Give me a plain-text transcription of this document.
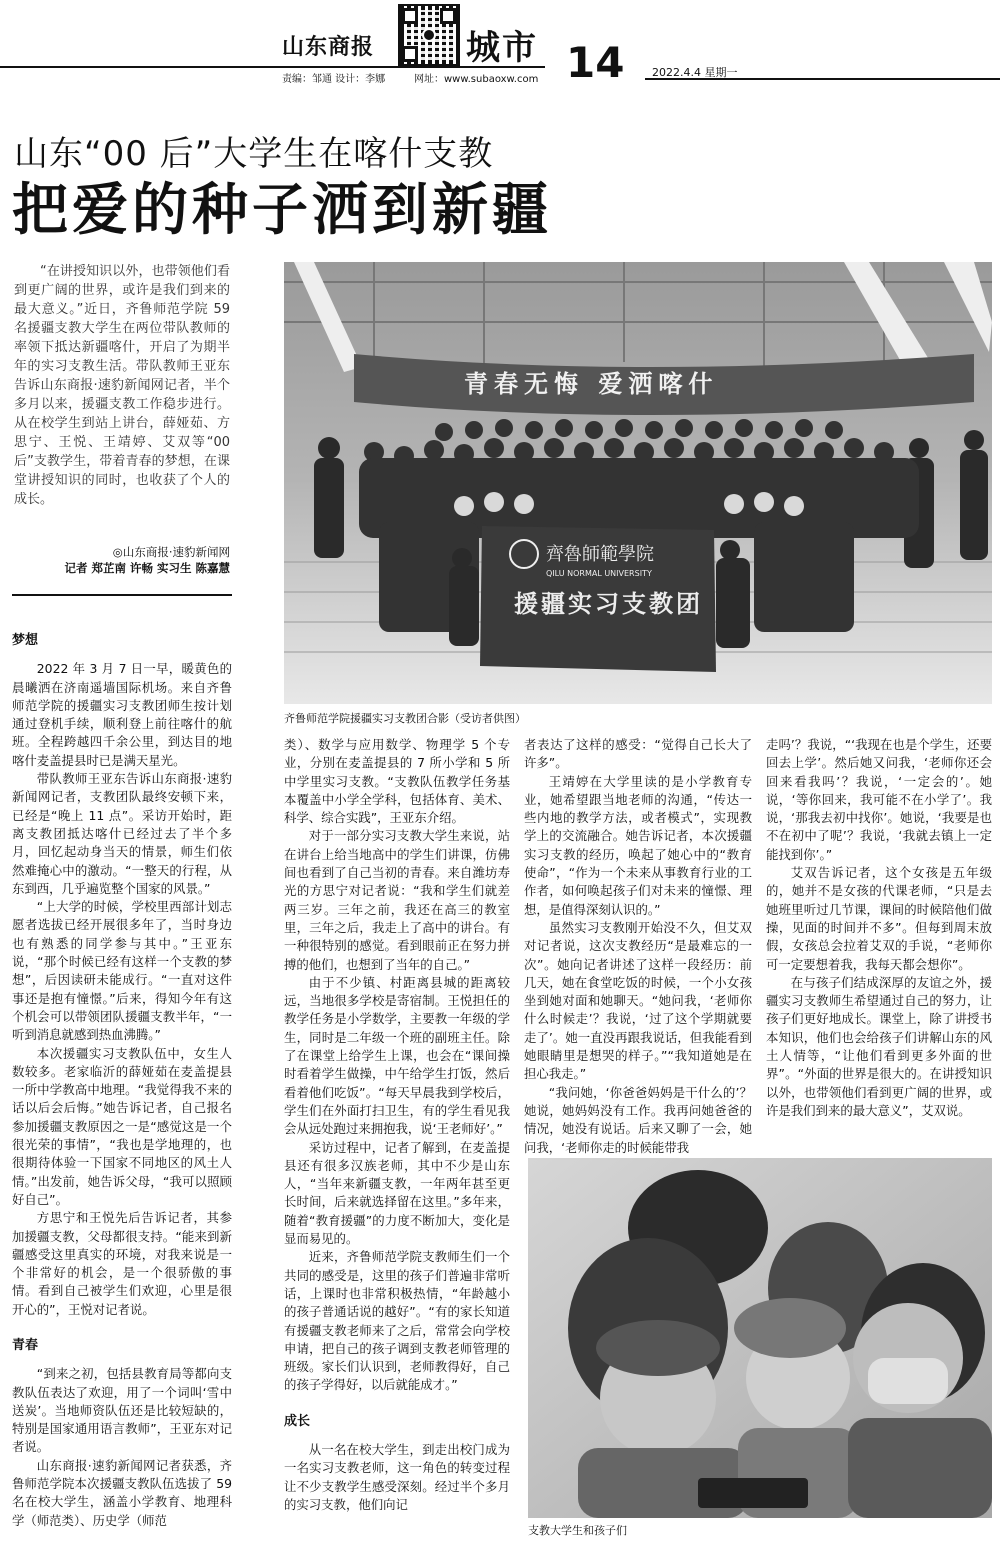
山东商报	城市 14	2022.4.4 星期一
责编：邹通 设计：李娜	网址：www.subaoxw.com
山东“00 后”大学生在喀什支教
把爱的种子洒到新疆

“在讲授知识以外，也带领他们看到更广阔的世界，或许是我们到来的最大意义。”近日，齐鲁师范学院 59 名援疆支教大学生在两位带队教师的率领下抵达新疆喀什，开启了为期半年的实习支教生活。带队教师王亚东告诉山东商报·速豹新闻网记者，半个多月以来，援疆支教工作稳步进行。从在校学生到站上讲台，薛娅茹、方思宁、王悦、王靖婷、艾双等“00 后”支教学生，带着青春的梦想，在课堂讲授知识的同时，也收获了个人的成长。

◎山东商报·速豹新闻网
记者 郑芷南 许畅 实习生 陈嘉慧
青春无悔 爱洒喀什
齊魯師範學院
QILU NORMAL UNIVERSITY
援疆实习支教团
齐鲁师范学院援疆实习支教团合影（受访者供图）

梦想

2022 年 3 月 7 日一早，暖黄色的晨曦洒在济南遥墙国际机场。来自齐鲁师范学院的援疆实习支教团师生按计划通过登机手续，顺利登上前往喀什的航班。全程跨越四千余公里，到达目的地喀什麦盖提县时已是满天星光。

带队教师王亚东告诉山东商报·速豹新闻网记者，支教团队最终安顿下来，已经是“晚上 11 点”。采访开始时，距离支教团抵达喀什已经过去了半个多月，回忆起动身当天的情景，师生们依然难掩心中的激动。“一整天的行程，从东到西，几乎遍览整个国家的风景。”

“上大学的时候，学校里西部计划志愿者选拔已经开展很多年了，当时身边也有熟悉的同学参与其中。”王亚东说，“那个时候已经有这样一个支教的梦想”，后因读研未能成行。“一直对这件事还是抱有憧憬。”后来，得知今年有这个机会可以带领团队援疆支教半年，“一听到消息就感到热血沸腾。”

本次援疆实习支教队伍中，女生人数较多。老家临沂的薛娅茹在麦盖提县一所中学教高中地理。“我觉得我不来的话以后会后悔。”她告诉记者，自己报名参加援疆支教原因之一是“感觉这是一个很光荣的事情”，“我也是学地理的，也很期待体验一下国家不同地区的风土人情。”出发前，她告诉父母，“我可以照顾好自己”。

方思宁和王悦先后告诉记者，其参加援疆支教，父母都很支持。“能来到新疆感受这里真实的环境，对我来说是一个非常好的机会，是一个很骄傲的事情。看到自己被学生们欢迎，心里是很开心的”，王悦对记者说。

青春

“到来之初，包括县教育局等都向支教队伍表达了欢迎，用了一个词叫‘雪中送炭’。当地师资队伍还是比较短缺的，特别是国家通用语言教师”，王亚东对记者说。

山东商报·速豹新闻网记者获悉，齐鲁师范学院本次援疆支教队伍选拔了 59 名在校大学生，涵盖小学教育、地理科学（师范类）、历史学（师范

类）、数学与应用数学、物理学 5 个专业，分别在麦盖提县的 7 所小学和 5 所中学里实习支教。“支教队伍教学任务基本覆盖中小学全学科，包括体育、美术、科学、综合实践”，王亚东介绍。

对于一部分实习支教大学生来说，站在讲台上给当地高中的学生们讲课，仿佛间也看到了自己当初的青春。来自潍坊寿光的方思宁对记者说：“我和学生们就差两三岁。三年之前，我还在高三的教室里，三年之后，我走上了高中的讲台。有一种很特别的感觉。看到眼前正在努力拼搏的他们，也想到了当年的自己。”

由于不少镇、村距离县城的距离较远，当地很多学校是寄宿制。王悦担任的教学任务是小学数学，主要教一年级的学生，同时是二年级一个班的副班主任。除了在课堂上给学生上课，也会在“课间操时看着学生做操，中午给学生打饭，然后看着他们吃饭”。“每天早晨我到学校后，学生们在外面打扫卫生，有的学生看见我会从远处跑过来拥抱我，说‘王老师好’。”

采访过程中，记者了解到，在麦盖提县还有很多汉族老师，其中不少是山东人，“当年来新疆支教，一年两年甚至更长时间，后来就选择留在这里。”多年来，随着“教育援疆”的力度不断加大，变化是显而易见的。

近来，齐鲁师范学院支教师生们一个共同的感受是，这里的孩子们普遍非常听话，上课时也非常积极热情，“年龄越小的孩子普通话说的越好”。“有的家长知道有援疆支教老师来了之后，常常会向学校申请，把自己的孩子调到支教老师管理的班级。家长们认识到，老师教得好，自己的孩子学得好，以后就能成才。”

成长

从一名在校大学生，到走出校门成为一名实习支教老师，这一角色的转变过程让不少支教学生感受深刻。经过半个多月的实习支教，他们向记

者表达了这样的感受：“觉得自己长大了许多”。

王靖婷在大学里读的是小学教育专业，她希望跟当地老师的沟通，“传达一些内地的教学方法，或者模式”，实现教学上的交流融合。她告诉记者，本次援疆实习支教的经历，唤起了她心中的“教育使命”，“作为一个未来从事教育行业的工作者，如何唤起孩子们对未来的憧憬、理想，是值得深刻认识的。”

虽然实习支教刚开始没不久，但艾双对记者说，这次支教经历“是最难忘的一次”。她向记者讲述了这样一段经历：前几天，她在食堂吃饭的时候，一个小女孩坐到她对面和她聊天。“她问我，‘老师你什么时候走’？我说，‘过了这个学期就要走了’。她一直没再跟我说话，但我能看到她眼睛里是想哭的样子。”“我知道她是在担心我走。”

“我问她，‘你爸爸妈妈是干什么的’？她说，她妈妈没有工作。我再问她爸爸的情况，她没有说话。后来又聊了一会，她问我，‘老师你走的时候能带我

走吗’？我说，“‘我现在也是个学生，还要回去上学’。然后她又问我，‘老师你还会回来看我吗’？我说，‘一定会的’。她说，‘等你回来，我可能不在小学了’。我说，‘那我去初中找你’。她说，‘我要是也不在初中了呢’？我说，‘我就去镇上一定能找到你’。”

艾双告诉记者，这个女孩是五年级的，她并不是女孩的代课老师，“只是去她班里听过几节课，课间的时候陪他们做操，见面的时间并不多”。但每到周末放假，女孩总会拉着艾双的手说，“老师你可一定要想着我，我每天都会想你”。

在与孩子们结成深厚的友谊之外，援疆实习支教师生希望通过自己的努力，让孩子们更好地成长。课堂上，除了讲授书本知识，他们也会给孩子们讲解山东的风土人情等，“让他们看到更多外面的世界”。“外面的世界是很大的。在讲授知识以外，也带领他们看到更广阔的世界，或许是我们到来的最大意义”，艾双说。

支教大学生和孩子们
